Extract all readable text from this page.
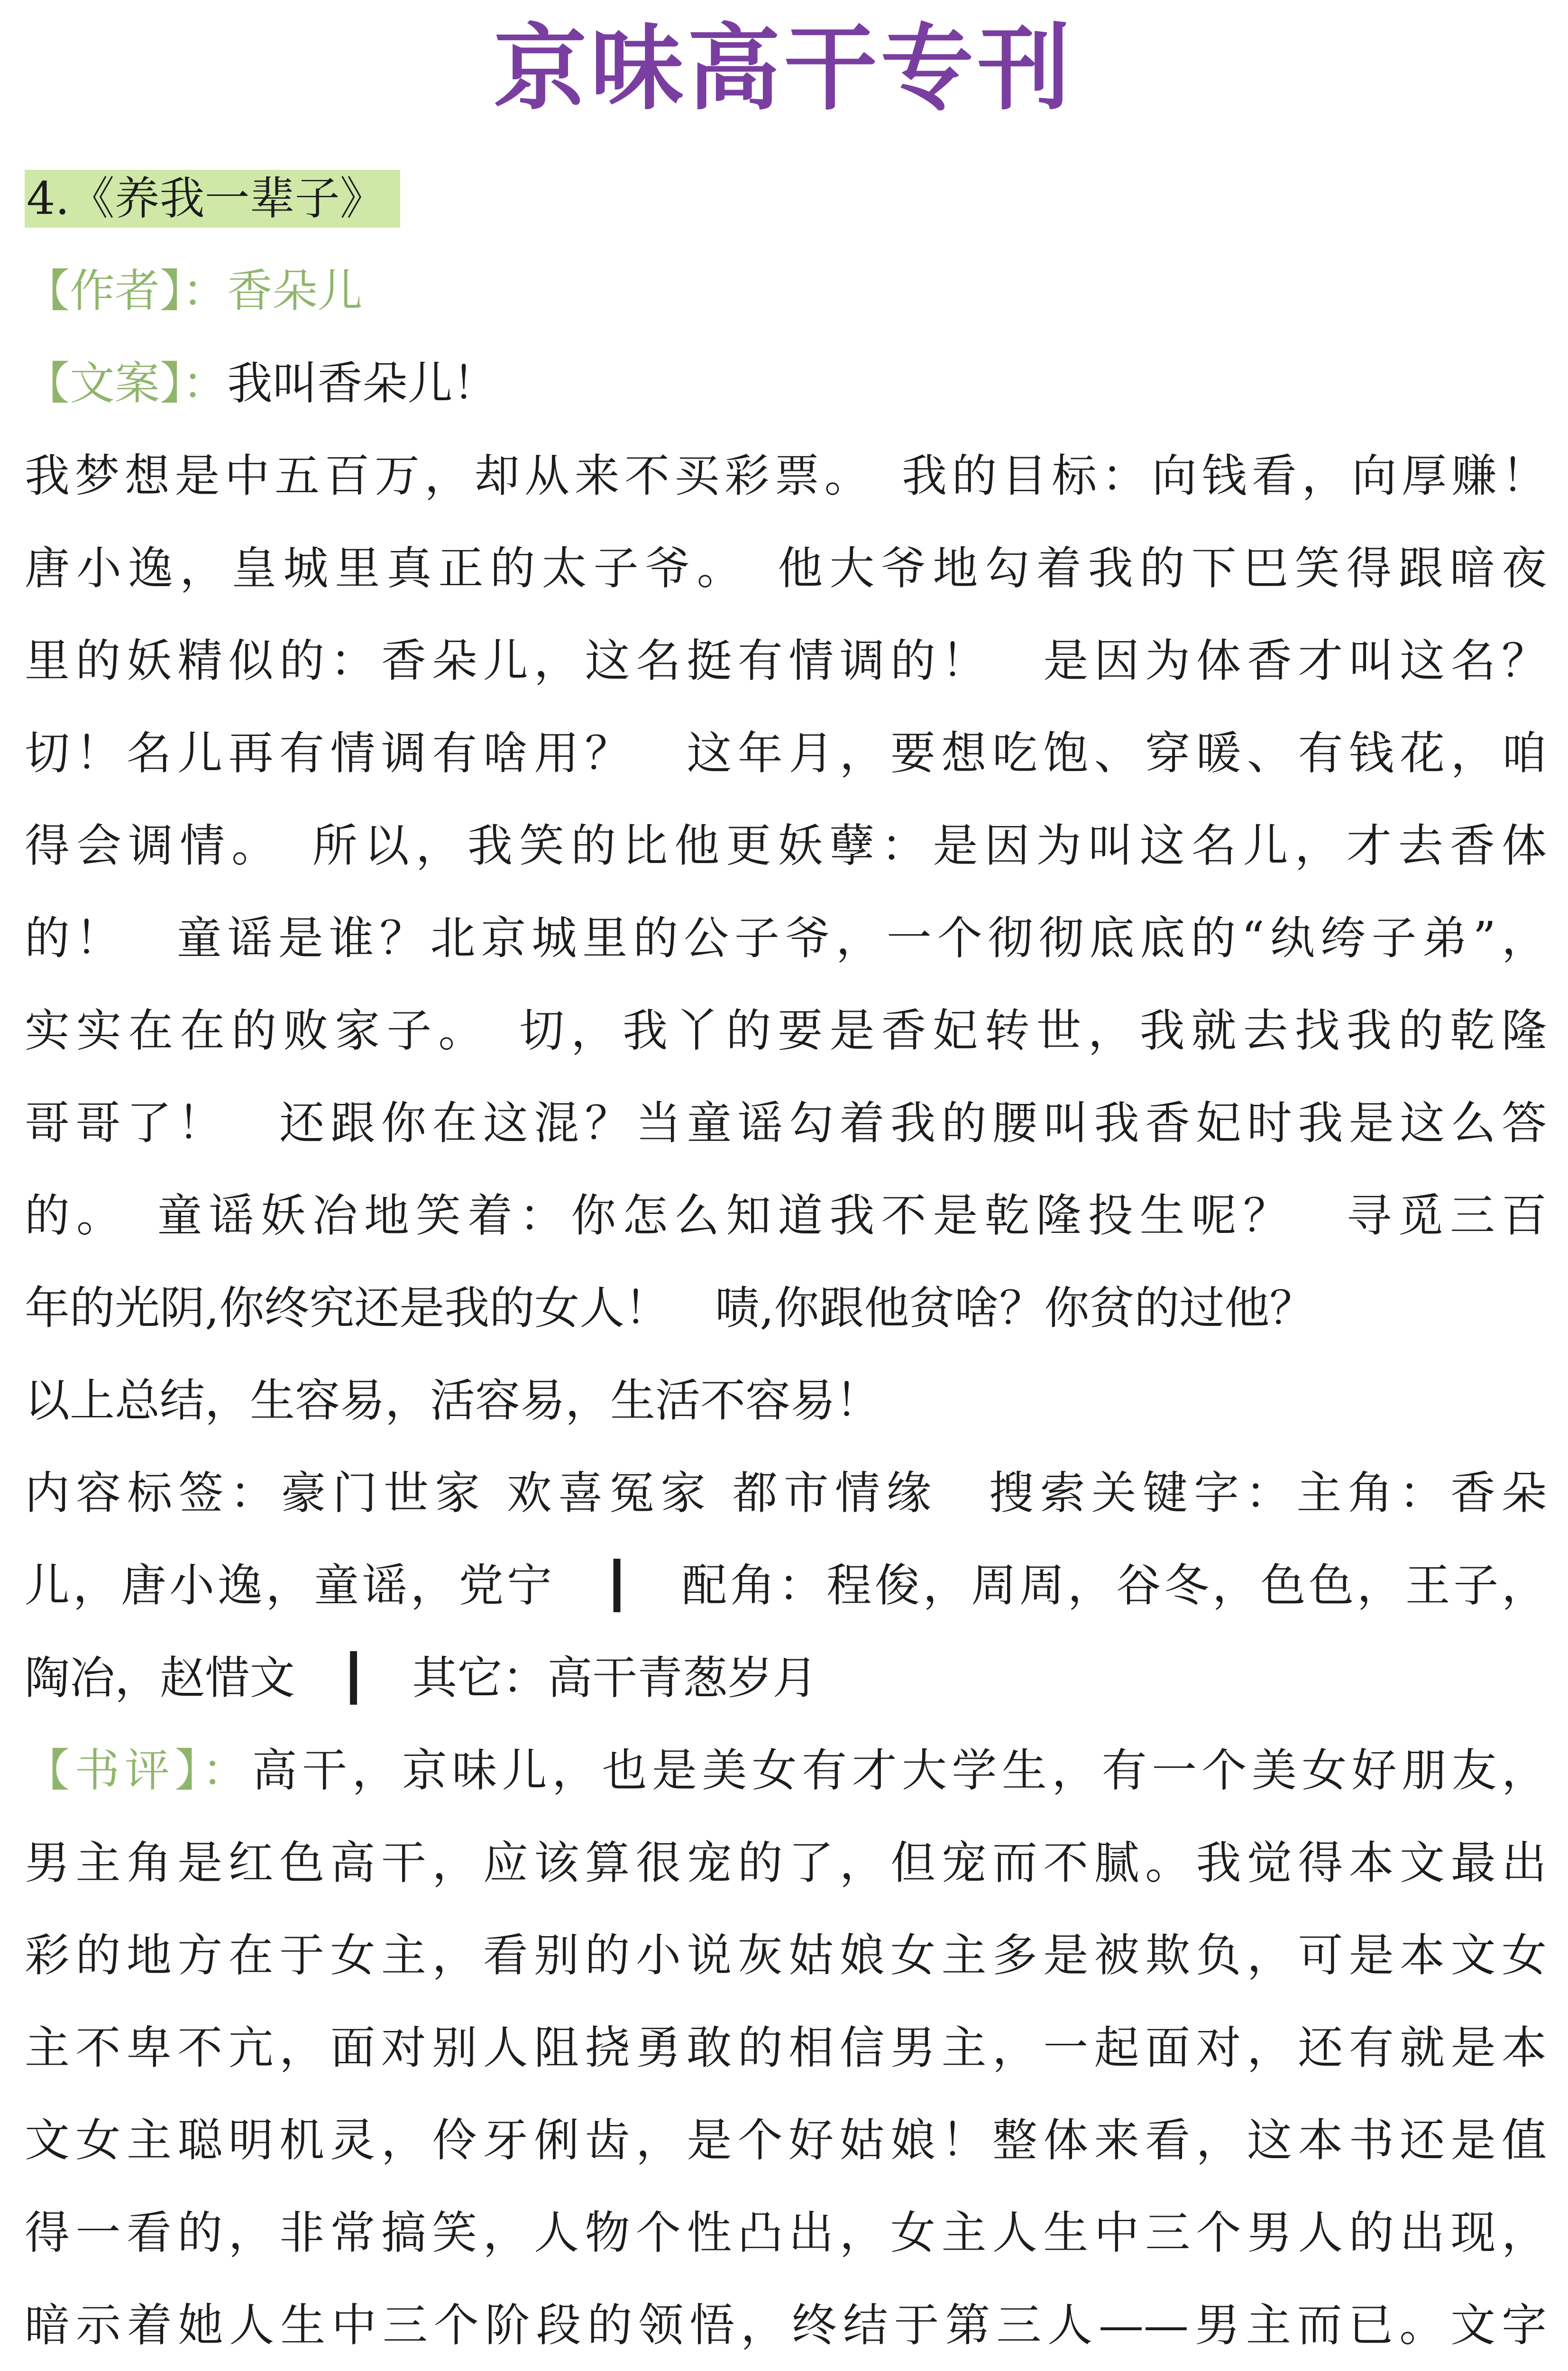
京味高干专刊
4.《养我一辈子》
【作者】：香朵儿
【文案】：我叫香朵儿！
我梦想是中五百万，却从来不买彩票。　我的目标：向钱看，向厚赚！
唐小逸，皇城里真正的太子爷。　他大爷地勾着我的下巴笑得跟暗夜
里的妖精似的：香朵儿，这名挺有情调的！　是因为体香才叫这名？
切！名儿再有情调有啥用？　这年月，要想吃饱、穿暖、有钱花，咱
得会调情。　所以，我笑的比他更妖孽：是因为叫这名儿，才去香体
的！　童谣是谁？北京城里的公子爷，一个彻彻底底的“纨绔子弟”，
实实在在的败家子。　切，我丫的要是香妃转世，我就去找我的乾隆
哥哥了！　还跟你在这混？当童谣勾着我的腰叫我香妃时我是这么答
的。　童谣妖冶地笑着：你怎么知道我不是乾隆投生呢？　寻觅三百
年的光阴,你终究还是我的女人！　啧,你跟他贫啥？你贫的过他？
以上总结，生容易，活容易，生活不容易！
内容标签：豪门世家 欢喜冤家 都市情缘　搜索关键字：主角：香朵
儿，唐小逸，童谣，党宁　┃　配角：程俊，周周，谷冬，色色，王子，
陶冶，赵惜文　┃　其它：高干青葱岁月
【书评】：高干，京味儿，也是美女有才大学生，有一个美女好朋友，
男主角是红色高干，应该算很宠的了，但宠而不腻。我觉得本文最出
彩的地方在于女主，看别的小说灰姑娘女主多是被欺负，可是本文女
主不卑不亢，面对别人阻挠勇敢的相信男主，一起面对，还有就是本
文女主聪明机灵，伶牙俐齿，是个好姑娘！整体来看，这本书还是值
得一看的，非常搞笑，人物个性凸出，女主人生中三个男人的出现，
暗示着她人生中三个阶段的领悟，终结于第三人——男主而已。文字
